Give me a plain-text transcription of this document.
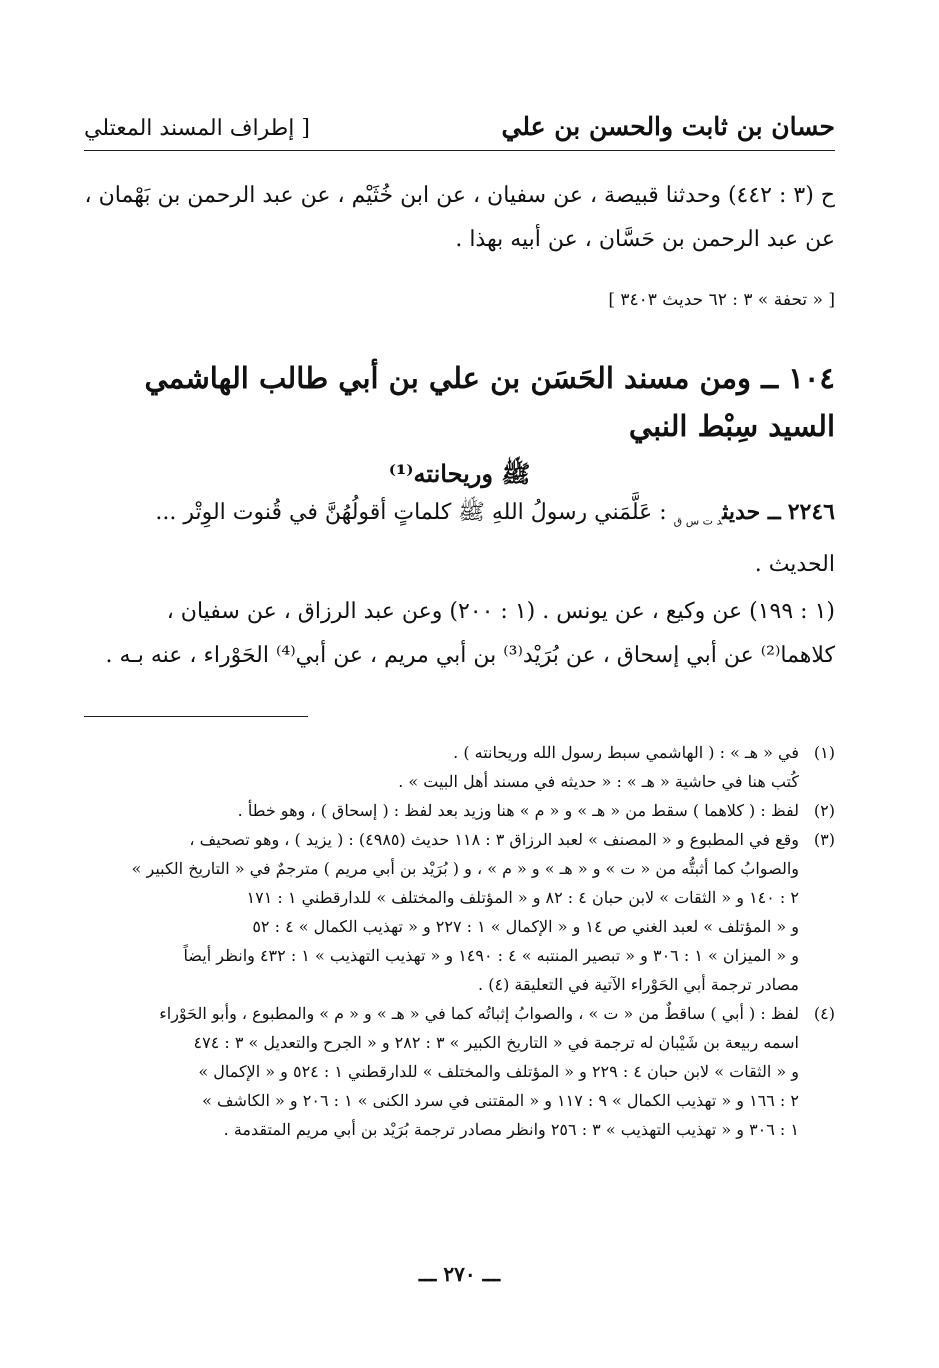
حسان بن ثابت والحسن بن علي
[ إطراف المسند المعتلي
ح (٣ : ٤٤٢) وحدثنا قبيصة ، عن سفيان ، عن ابن خُثَيْم ، عن عبد الرحمن بن بَهْمان ،
عن عبد الرحمن بن حَسَّان ، عن أبيه بهذا .
[ « تحفة » ٣ : ٦٢ حديث ٣٤٠٣ ]
١٠٤ ــ ومن مسند الحَسَن بن علي بن أبي طالب الهاشمي السيد سِبْط النبي
ﷺ وريحانته⁽¹⁾
٢٢٤٦ ــ حديث$_{د ت س ق}$ : عَلَّمَني رسولُ اللهِ ﷺ كلماتٍ أقولُهُنَّ في قُنوت الوِتْر ...
الحديث .
(١ : ١٩٩) عن وكيع ، عن يونس . (١ : ٢٠٠) وعن عبد الرزاق ، عن سفيان ،
كلاهما⁽²⁾ عن أبي إسحاق ، عن بُرَيْد⁽³⁾ بن أبي مريم ، عن أبي⁽⁴⁾ الحَوْراء ، عنه بـه .
(١)
في « هـ » : ( الهاشمي سبط رسول الله وريحانته ) .
كُتب هنا في حاشية « هـ » : « حديثه في مسند أهل البيت » .
(٢)
لفظ : ( كلاهما ) سقط من « هـ » و « م » هنا وزيد بعد لفظ : ( إسحاق ) ، وهو خطأ .
(٣)
وقع في المطبوع و « المصنف » لعبد الرزاق ٣ : ١١٨ حديث (٤٩٨٥) : ( يزيد ) ، وهو تصحيف ،
والصوابُ كما أثبتُّه من « ت » و « هـ » و « م » ، و ( بُرَيْد بن أبي مريم ) مترجمٌ في « التاريخ الكبير »
٢ : ١٤٠ و « الثقات » لابن حبان ٤ : ٨٢ و « المؤتلف والمختلف » للدارقطني ١ : ١٧١
و « المؤتلف » لعبد الغني ص ١٤ و « الإكمال » ١ : ٢٢٧ و « تهذيب الكمال » ٤ : ٥٢
و « الميزان » ١ : ٣٠٦ و « تبصير المنتبه » ٤ : ١٤٩٠ و « تهذيب التهذيب » ١ : ٤٣٢ وانظر أيضاً
مصادر ترجمة أبي الحَوْراء الآتية في التعليقة (٤) .
(٤)
لفظ : ( أبي ) ساقطٌ من « ت » ، والصوابُ إثباتُه كما في « هـ » و « م » والمطبوع ، وأبو الحَوْراء
اسمه ربيعة بن شَيْبان له ترجمة في « التاريخ الكبير » ٣ : ٢٨٢ و « الجرح والتعديل » ٣ : ٤٧٤
و « الثقات » لابن حبان ٤ : ٢٢٩ و « المؤتلف والمختلف » للدارقطني ١ : ٥٢٤ و « الإكمال »
٢ : ١٦٦ و « تهذيب الكمال » ٩ : ١١٧ و « المقتنى في سرد الكنى » ١ : ٢٠٦ و « الكاشف »
١ : ٣٠٦ و « تهذيب التهذيب » ٣ : ٢٥٦ وانظر مصادر ترجمة بُرَيْد بن أبي مريم المتقدمة .
ـــ ٢٧٠ ـــ
